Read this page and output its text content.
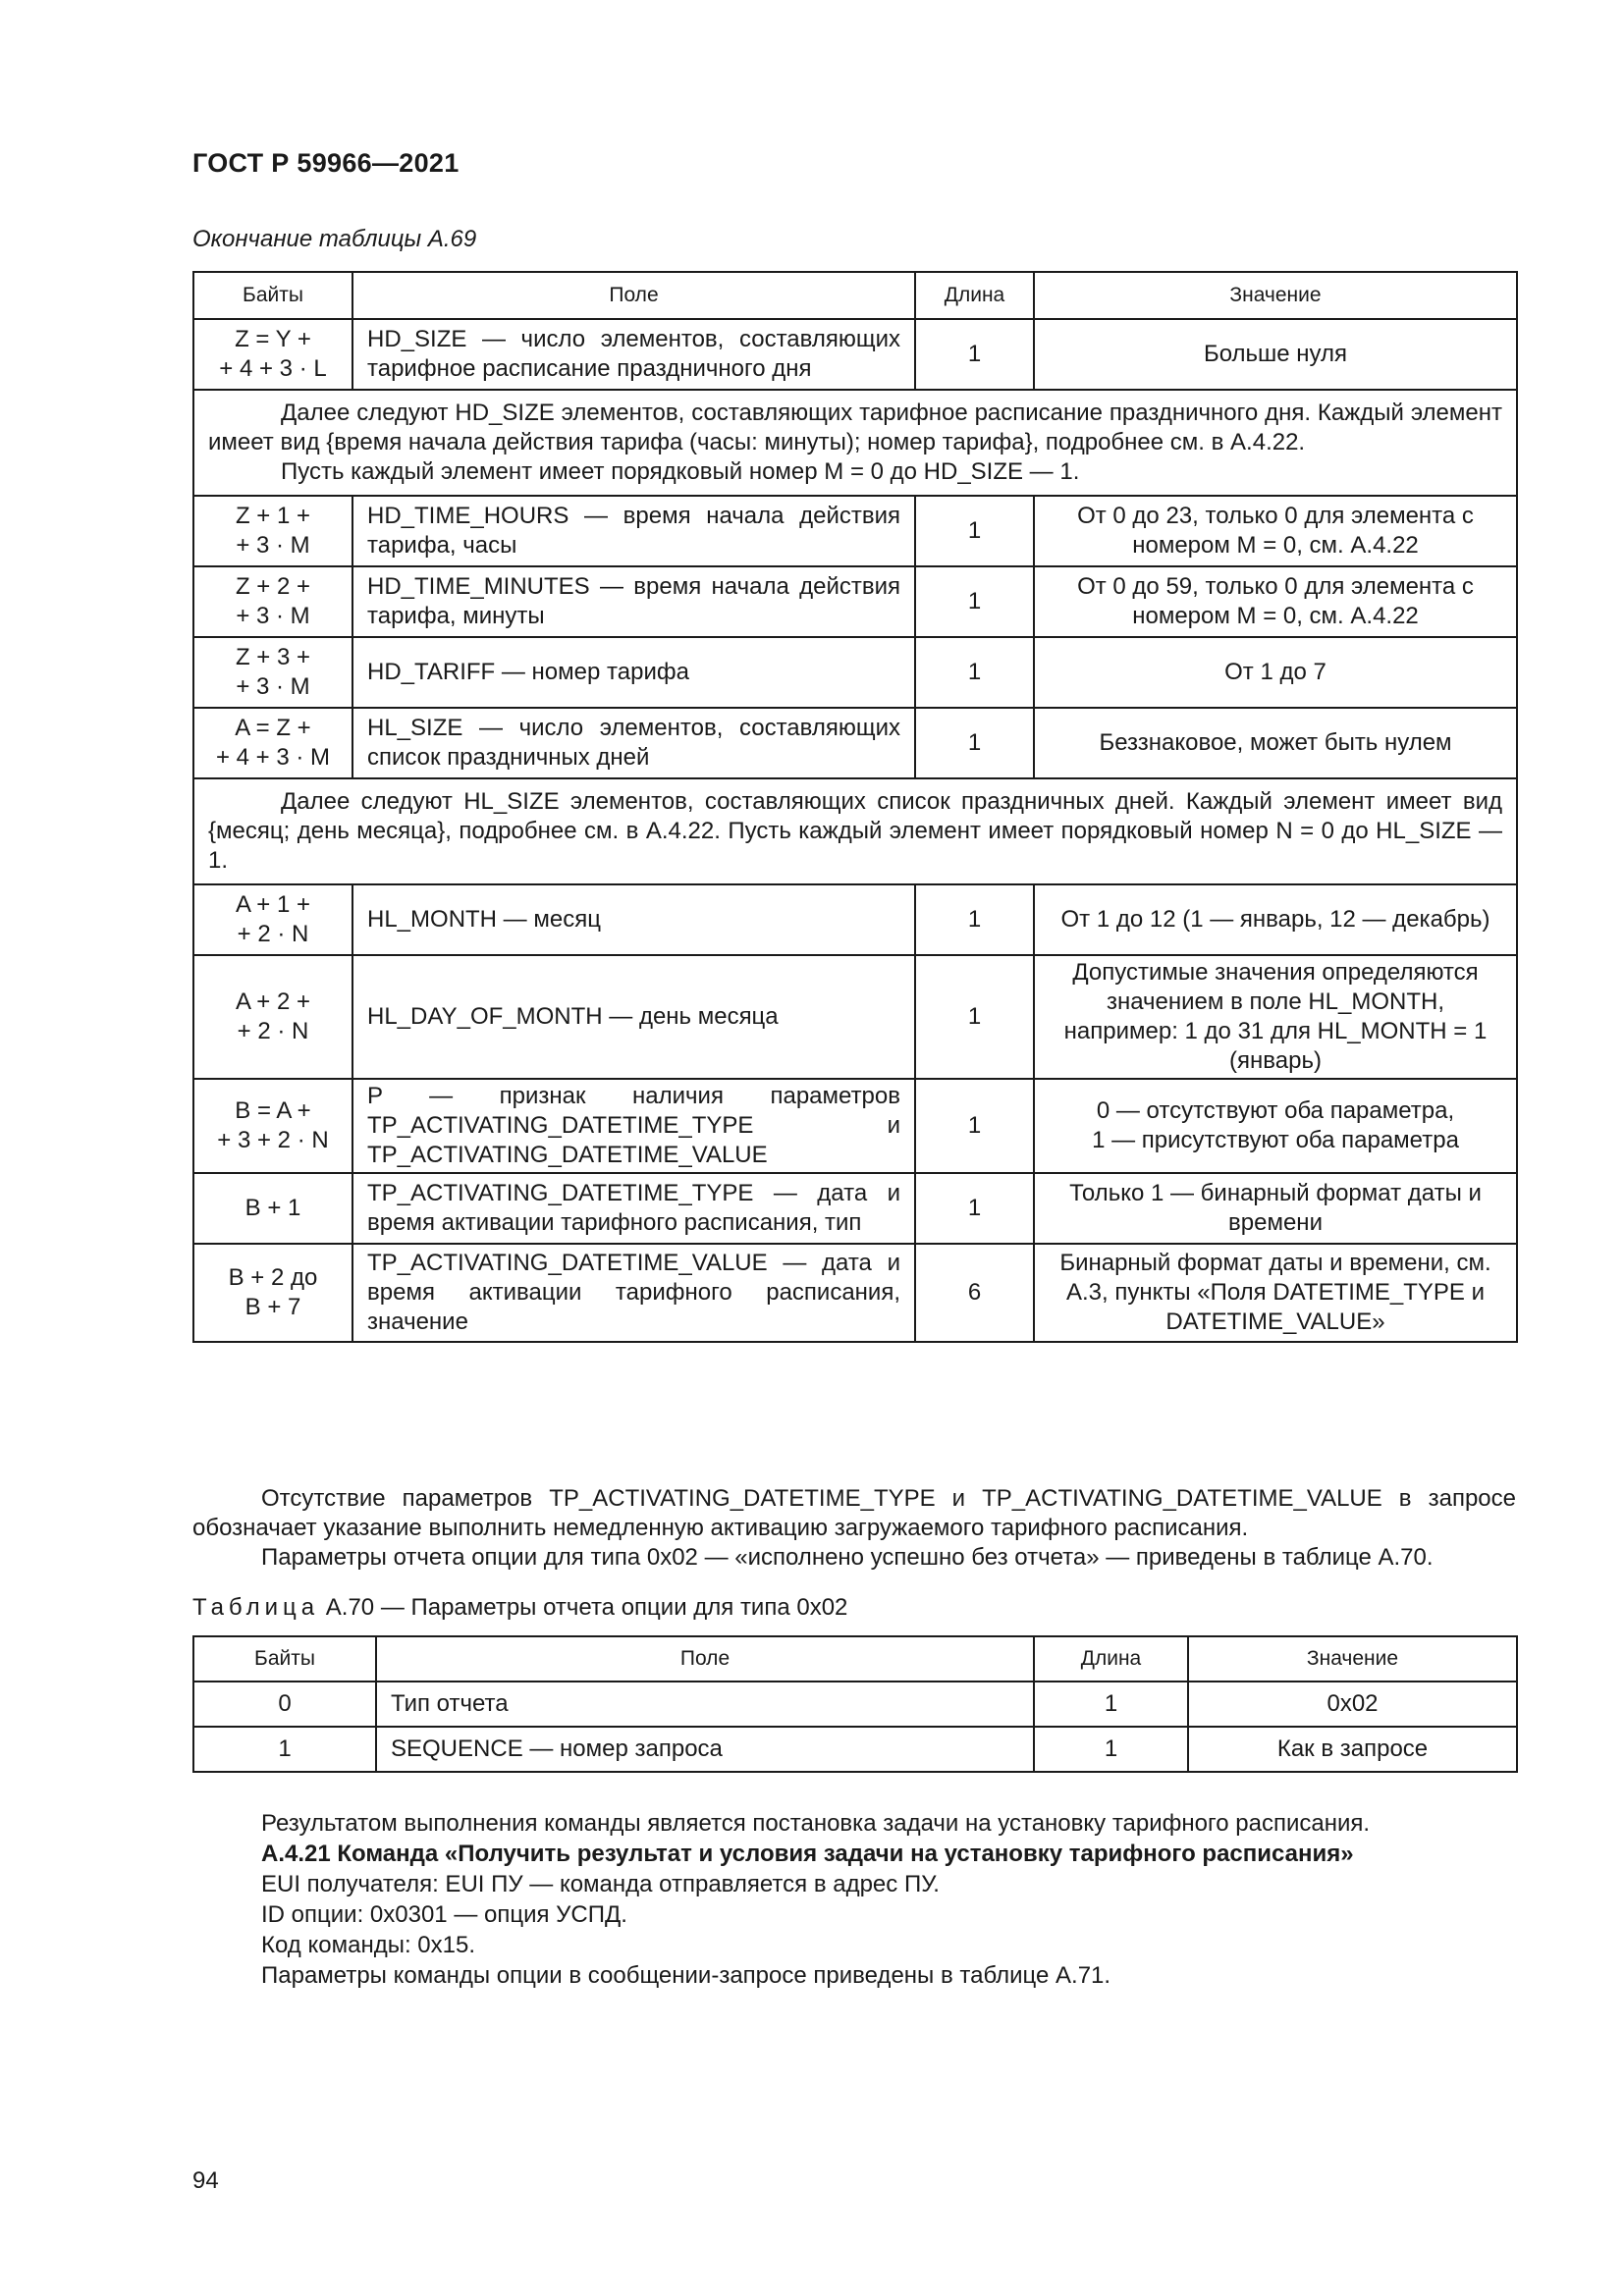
ГОСТ Р 59966—2021
Окончание таблицы А.69
Байты	Поле	Длина	Значение
Z = Y +
+ 4 + 3 · L	HD_SIZE — число элементов, составляющих тарифное расписание праздничного дня	1	Больше нуля

Далее следуют HD_SIZE элементов, составляющих тарифное расписание праздничного дня. Каждый элемент имеет вид {время начала действия тарифа (часы: минуты); номер тарифа}, подробнее см. в А.4.22.

Пусть каждый элемент имеет порядковый номер М = 0 до HD_SIZE — 1.			

Z + 1 +
+ 3 · М	HD_TIME_HOURS — время начала действия тарифа, часы	1	От 0 до 23, только 0 для элемента с номером М = 0, см. А.4.22
Z + 2 +
+ 3 · М	HD_TIME_MINUTES — время начала действия тарифа, минуты	1	От 0 до 59, только 0 для элемента с номером М = 0, см. А.4.22
Z + 3 +
+ 3 · М	HD_TARIFF — номер тарифа	1	От 1 до 7
A = Z +
+ 4 + 3 · M	HL_SIZE — число элементов, составляющих список праздничных дней	1	Беззнаковое, может быть нулем

Далее следуют HL_SIZE элементов, составляющих список праздничных дней. Каждый элемент имеет вид {месяц; день месяца}, подробнее см. в А.4.22. Пусть каждый элемент имеет порядковый номер N = 0 до HL_SIZE — 1.			

A + 1 +
+ 2 · N	HL_MONTH — месяц	1	От 1 до 12 (1 — январь, 12 — декабрь)
A + 2 +
+ 2 · N	HL_DAY_OF_MONTH — день месяца	1	Допустимые значения определяются значением в поле HL_MONTH, например: 1 до 31 для HL_MONTH = 1 (январь)
B = A +
+ 3 + 2 · N	P — признак наличия параметров TP_ACTIVATING_DATETIME_TYPE и TP_ACTIVATING_DATETIME_VALUE	1	0 — отсутствуют оба параметра,
1 — присутствуют оба параметра
B + 1	TP_ACTIVATING_DATETIME_TYPE — дата и время активации тарифного расписания, тип	1	Только 1 — бинарный формат даты и времени
B + 2 до
B + 7	TP_ACTIVATING_DATETIME_VALUE — дата и время активации тарифного расписания, значение	6	Бинарный формат даты и времени, см. А.3, пункты «Поля DATETIME_TYPE и DATETIME_VALUE»

Отсутствие параметров TP_ACTIVATING_DATETIME_TYPE и TP_ACTIVATING_DATETIME_VALUE в запросе обозначает указание выполнить немедленную активацию загружаемого тарифного расписания.

Параметры отчета опции для типа 0x02 — «исполнено успешно без отчета» — приведены в таблице А.70.

Таблица А.70 — Параметры отчета опции для типа 0x02
Байты	Поле	Длина	Значение
0	Тип отчета	1	0x02
1	SEQUENCE — номер запроса	1	Как в запросе
Результатом выполнения команды является постановка задачи на установку тарифного расписания.
А.4.21 Команда «Получить результат и условия задачи на установку тарифного расписания»
EUI получателя: EUI ПУ — команда отправляется в адрес ПУ.
ID опции: 0x0301 — опция УСПД.
Код команды: 0x15.
Параметры команды опции в сообщении-запросе приведены в таблице А.71.
94
